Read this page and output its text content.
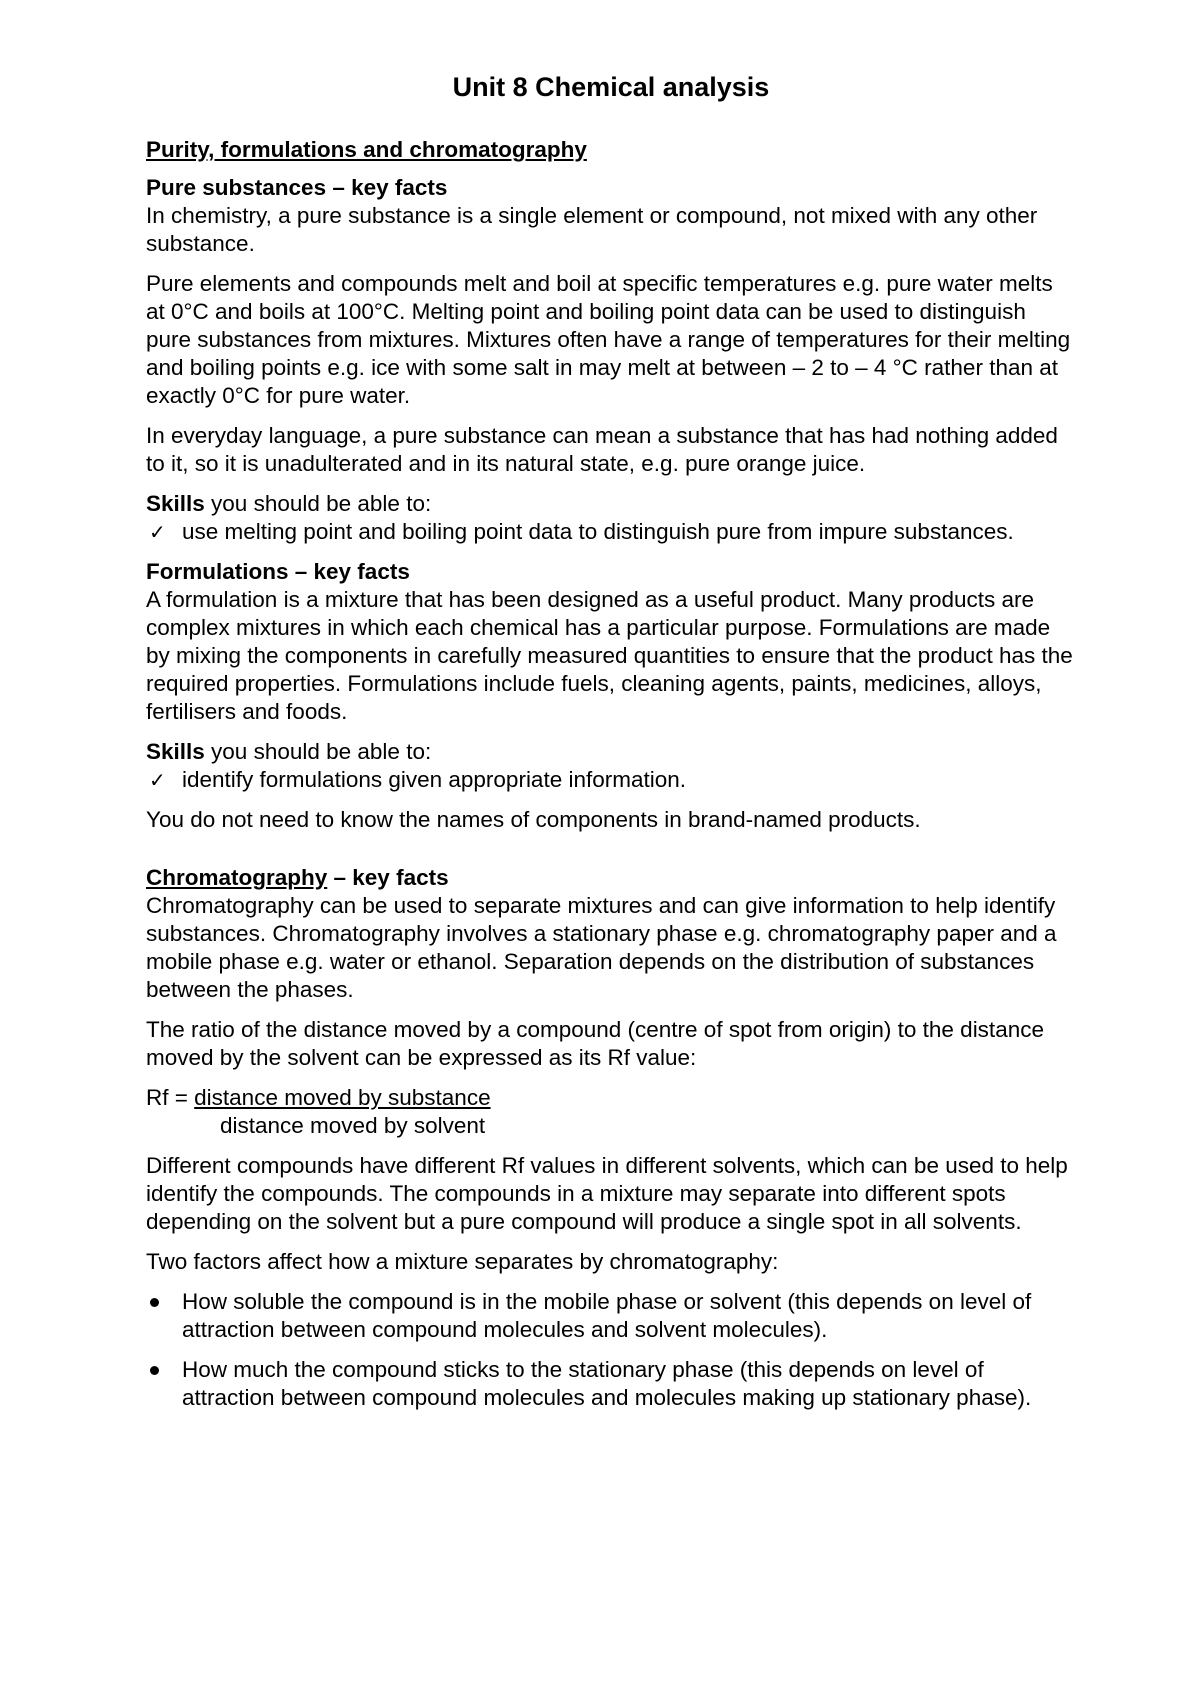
Unit 8 Chemical analysis
Purity, formulations and chromatography
Pure substances – key facts

In chemistry, a pure substance is a single element or compound, not mixed with any other substance.

Pure elements and compounds melt and boil at specific temperatures e.g. pure water melts at 0°C and boils at 100°C. Melting point and boiling point data can be used to distinguish pure substances from mixtures. Mixtures often have a range of temperatures for their melting and boiling points e.g. ice with some salt in may melt at between – 2 to – 4 °C rather than at exactly 0°C for pure water.

In everyday language, a pure substance can mean a substance that has had nothing added to it, so it is unadulterated and in its natural state, e.g. pure orange juice.

Skills you should be able to:
✓ use melting point and boiling point data to distinguish pure from impure substances.
Formulations – key facts

A formulation is a mixture that has been designed as a useful product. Many products are complex mixtures in which each chemical has a particular purpose. Formulations are made by mixing the components in carefully measured quantities to ensure that the product has the required properties. Formulations include fuels, cleaning agents, paints, medicines, alloys, fertilisers and foods.

Skills you should be able to:
✓ identify formulations given appropriate information.

You do not need to know the names of components in brand-named products.

Chromatography – key facts

Chromatography can be used to separate mixtures and can give information to help identify substances. Chromatography involves a stationary phase e.g. chromatography paper and a mobile phase e.g. water or ethanol. Separation depends on the distribution of substances between the phases.

The ratio of the distance moved by a compound (centre of spot from origin) to the distance moved by the solvent can be expressed as its Rf value:

Rf = distance moved by substance
distance moved by solvent

Different compounds have different Rf values in different solvents, which can be used to help identify the compounds. The compounds in a mixture may separate into different spots depending on the solvent but a pure compound will produce a single spot in all solvents.

Two factors affect how a mixture separates by chromatography:

How soluble the compound is in the mobile phase or solvent (this depends on level of attraction between compound molecules and solvent molecules).
How much the compound sticks to the stationary phase (this depends on level of attraction between compound molecules and molecules making up stationary phase).
